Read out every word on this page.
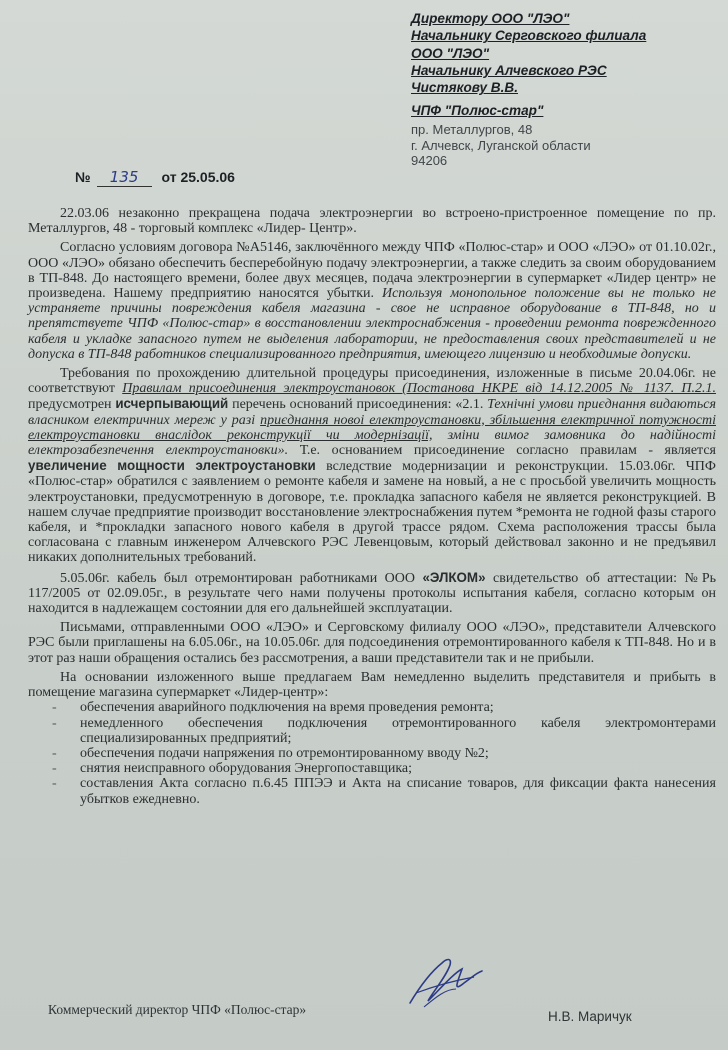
Директору ООО "ЛЭО"
Начальнику Серговского филиала
ООО "ЛЭО"
Начальнику Алчевского РЭС
Чистякову В.В.
ЧПФ "Полюс-стар"
пр. Металлургов, 48
г. Алчевск, Луганской области
94206
№ 135 от 25.05.06

22.03.06 незаконно прекращена подача электроэнергии во встроено-пристроенное помещение по пр. Металлургов, 48 - торговый комплекс «Лидер- Центр».

Согласно условиям договора №А5146, заключённого между ЧПФ «Полюс-стар» и ООО «ЛЭО» от 01.10.02г., ООО «ЛЭО» обязано обеспечить бесперебойную подачу электроэнергии, а также следить за своим оборудованием в ТП-848. До настоящего времени, более двух месяцев, подача электроэнергии в супермаркет «Лидер центр» не произведена. Нашему предприятию наносятся убытки. Используя монопольное положение вы не только не устраняете причины повреждения кабеля магазина - свое не исправное оборудование в ТП-848, но и препятствуете ЧПФ «Полюс-стар» в восстановлении электроснабжения - проведении ремонта поврежденного кабеля и укладке запасного путем не выделения лаборатории, не предоставления своих представителей и не допуска в ТП-848 работников специализированного предприятия, имеющего лицензию и необходимые допуски.

Требования по прохождению длительной процедуры присоединения, изложенные в письме 20.04.06г. не соответствуют Правилам присоединения электроустановок (Постанова НКРЕ від 14.12.2005 № 1137. П.2.1. предусмотрен исчерпывающий перечень оснований присоединения: «2.1. Технічні умови приєднання видаються власником електричних мереж у разі приєднання новоі електроустановки, збільшення електричної потужності електроустановки внаслідок реконструкції чи модернізації, зміни вимог замовника до надійності електрозабезпечення електроустановки». Т.е. основанием присоединение согласно правилам - является увеличение мощности электроустановки вследствие модернизации и реконструкции. 15.03.06г. ЧПФ «Полюс-стар» обратился с заявлением о ремонте кабеля и замене на новый, а не с просьбой увеличить мощность электроустановки, предусмотренную в договоре, т.е. прокладка запасного кабеля не является реконструкцией. В нашем случае предприятие производит восстановление электроснабжения путем *ремонта не годной фазы старого кабеля, и *прокладки запасного нового кабеля в другой трассе рядом. Схема расположения трассы была согласована с главным инженером Алчевского РЭС Левенцовым, который действовал законно и не предъявил никаких дополнительных требований.

5.05.06г. кабель был отремонтирован работниками ООО «ЭЛКОМ» свидетельство об аттестации: №Рь 117/2005 от 02.09.05г., в результате чего нами получены протоколы испытания кабеля, согласно которым он находится в надлежащем состоянии для его дальнейшей эксплуатации.

Письмами, отправленными ООО «ЛЭО» и Серговскому филиалу ООО «ЛЭО», представители Алчевского РЭС были приглашены на 6.05.06г., на 10.05.06г. для подсоединения отремонтированного кабеля к ТП-848. Но и в этот раз наши обращения остались без рассмотрения, а ваши представители так и не прибыли.

На основании изложенного выше предлагаем Вам немедленно выделить представителя и прибыть в помещение магазина супермаркет «Лидер-центр»:

- обеспечения аварийного подключения на время проведения ремонта;
- немедленного обеспечения подключения отремонтированного кабеля электромонтерами специализированных предприятий;
- обеспечения подачи напряжения по отремонтированному вводу №2;
- снятия неисправного оборудования Энергопоставщика;
- составления Акта согласно п.6.45 ППЭЭ и Акта на списание товаров, для фиксации факта нанесения убытков ежедневно.
Коммерческий директор ЧПФ «Полюс-стар»	Н.В. Маричук
